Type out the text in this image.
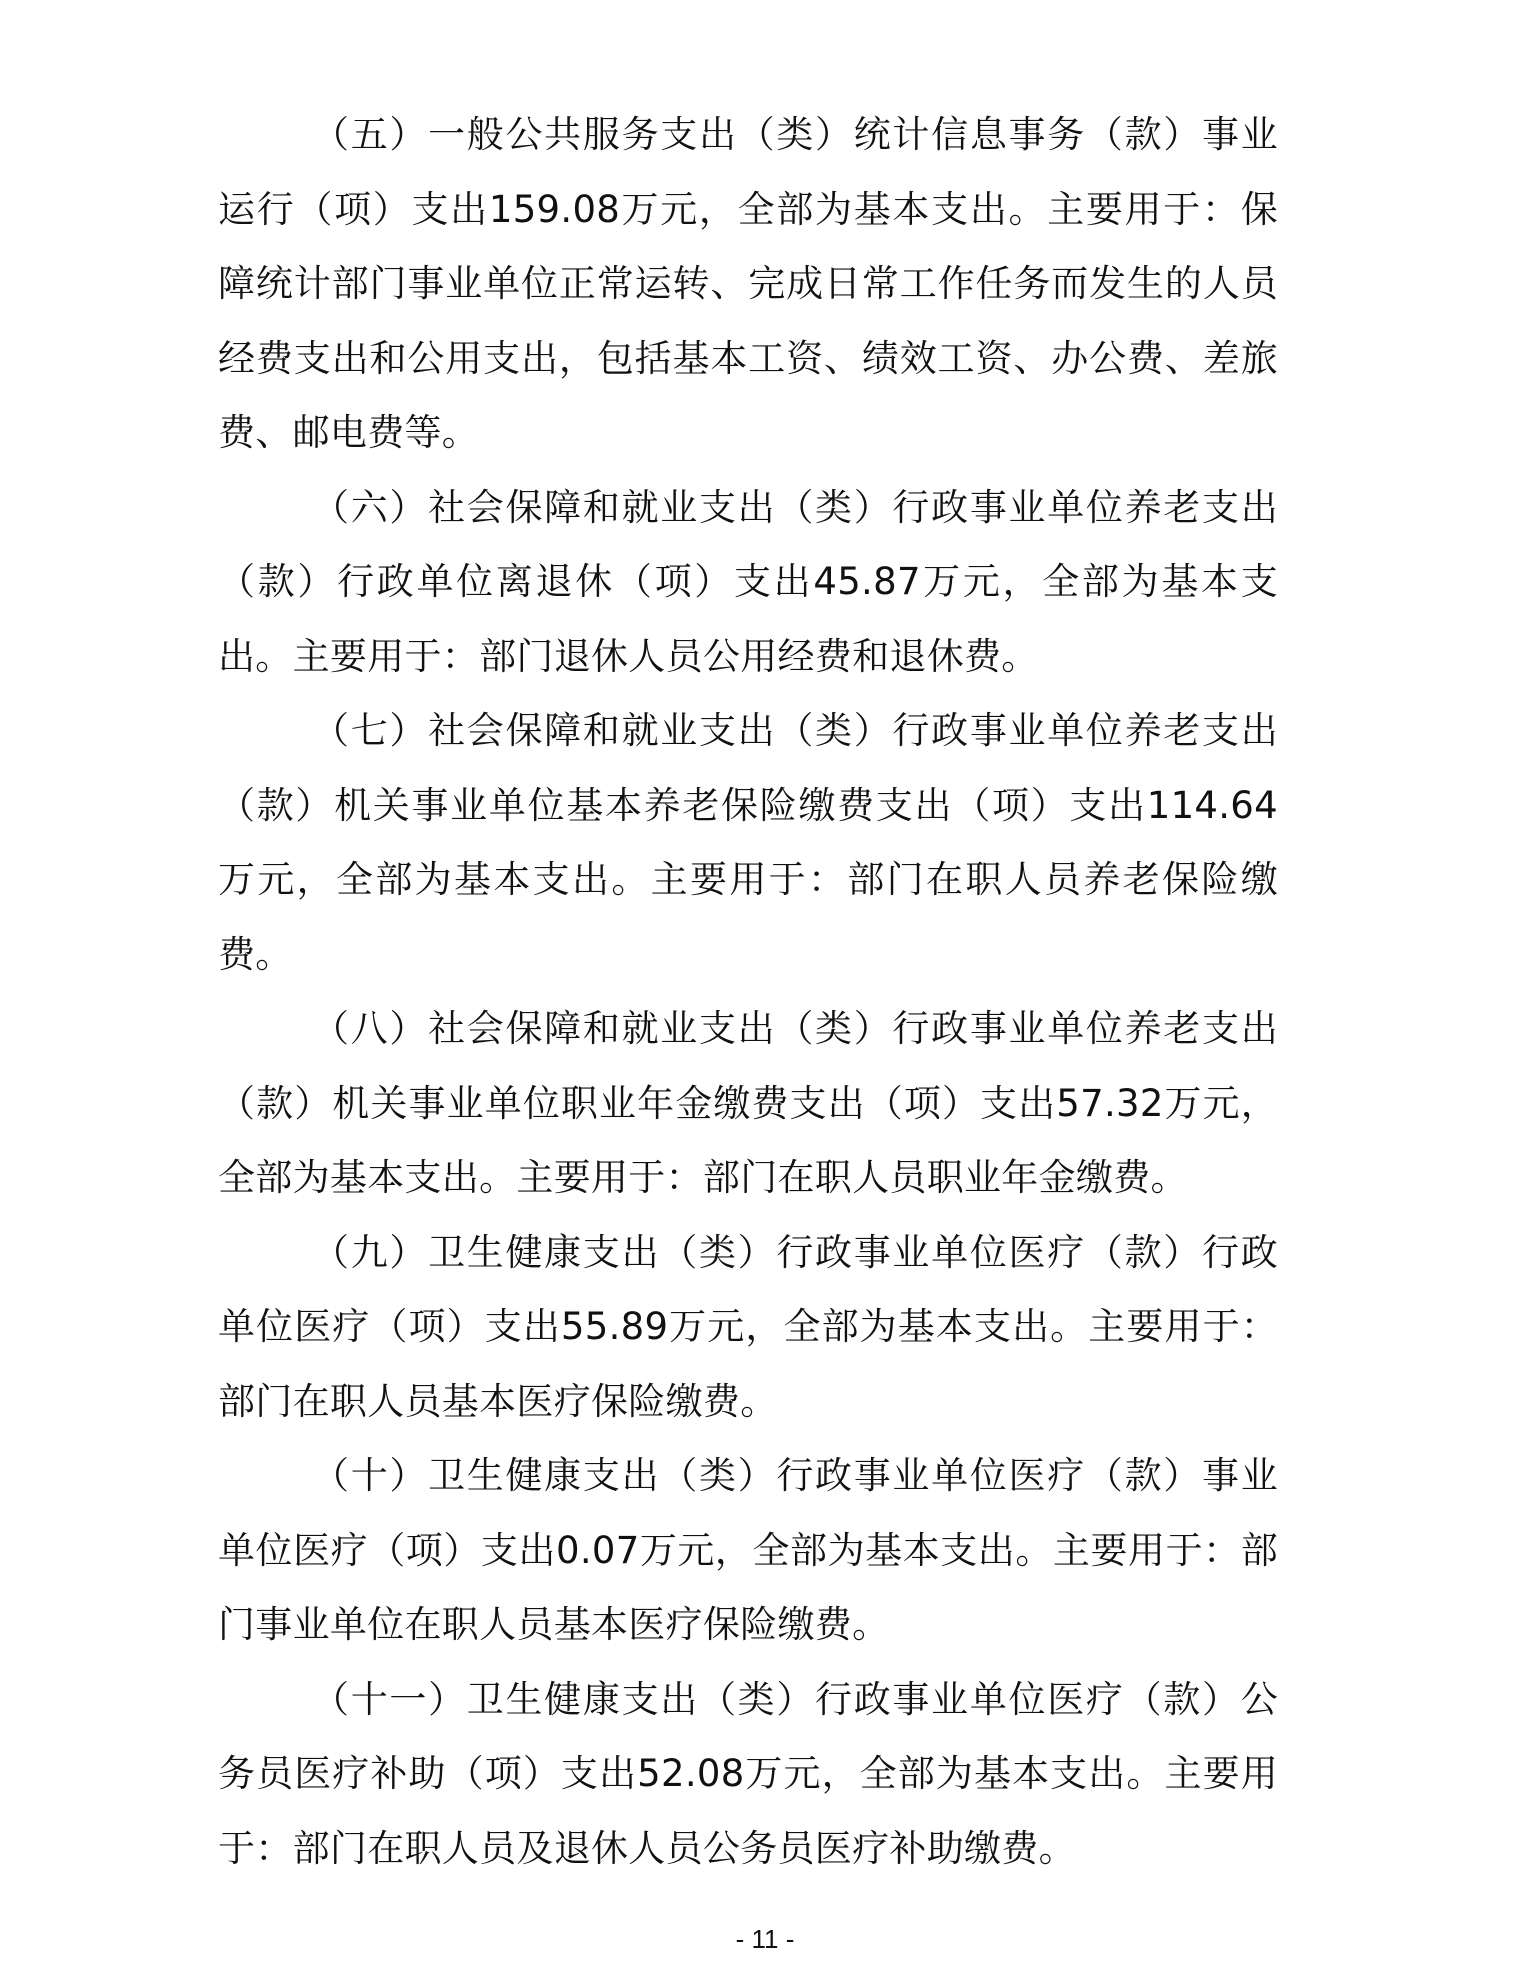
（五）一般公共服务支出（类）统计信息事务（款）事业运行（项）支出159.08万元，全部为基本支出。主要用于：保障统计部门事业单位正常运转、完成日常工作任务而发生的人员经费支出和公用支出，包括基本工资、绩效工资、办公费、差旅费、邮电费等。

（六）社会保障和就业支出（类）行政事业单位养老支出（款）行政单位离退休（项）支出45.87万元，全部为基本支出。主要用于：部门退休人员公用经费和退休费。

（七）社会保障和就业支出（类）行政事业单位养老支出（款）机关事业单位基本养老保险缴费支出（项）支出114.64万元，全部为基本支出。主要用于：部门在职人员养老保险缴费。

（八）社会保障和就业支出（类）行政事业单位养老支出（款）机关事业单位职业年金缴费支出（项）支出57.32万元，全部为基本支出。主要用于：部门在职人员职业年金缴费。

（九）卫生健康支出（类）行政事业单位医疗（款）行政单位医疗（项）支出55.89万元，全部为基本支出。主要用于：部门在职人员基本医疗保险缴费。

（十）卫生健康支出（类）行政事业单位医疗（款）事业单位医疗（项）支出0.07万元，全部为基本支出。主要用于：部门事业单位在职人员基本医疗保险缴费。

（十一）卫生健康支出（类）行政事业单位医疗（款）公务员医疗补助（项）支出52.08万元，全部为基本支出。主要用于：部门在职人员及退休人员公务员医疗补助缴费。

- 11 -
